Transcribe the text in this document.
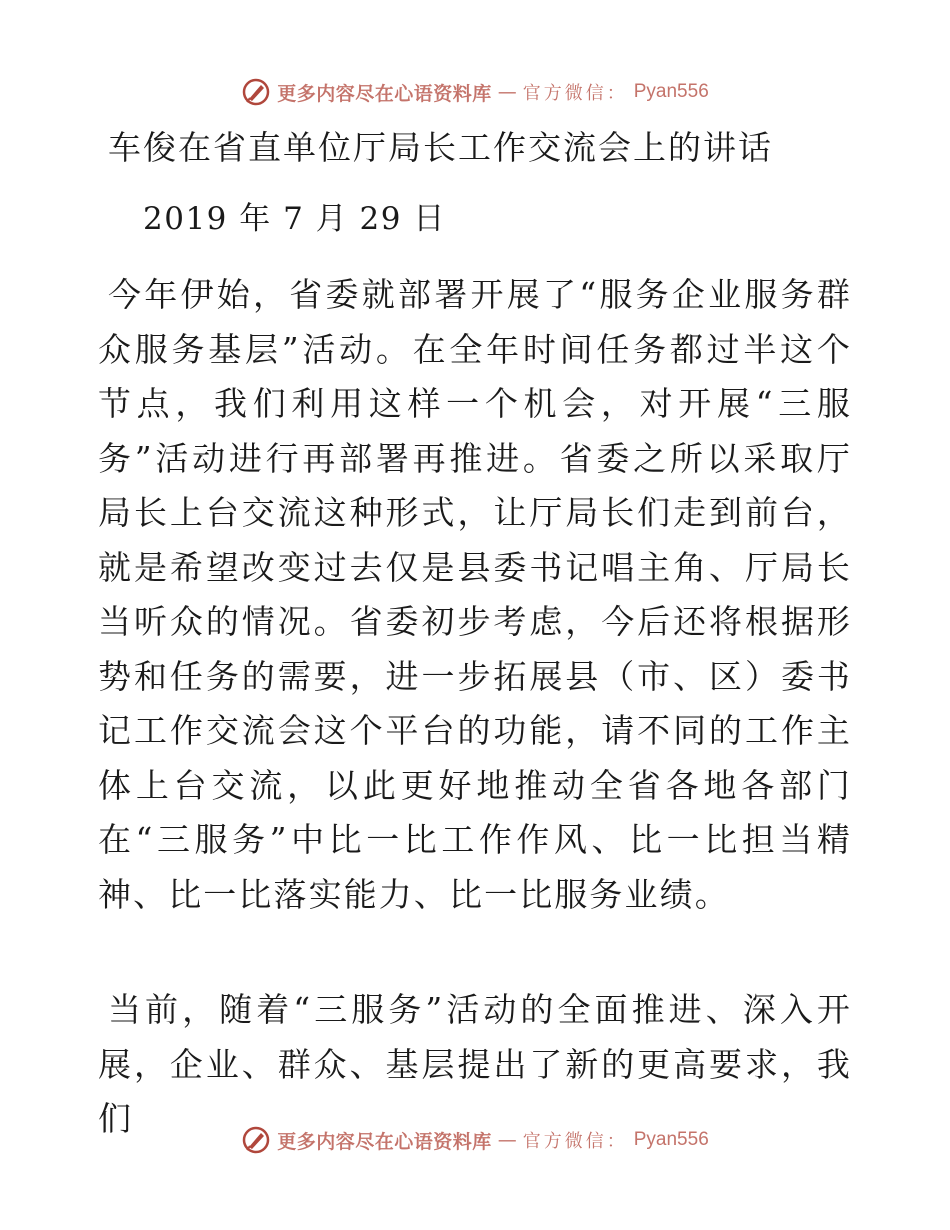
更多内容尽在心语资料库 — 官方微信： Pyan556
车俊在省直单位厅局长工作交流会上的讲话
2019 年 7 月 29 日
今年伊始，省委就部署开展了“服务企业服务群众服务基层”活动。在全年时间任务都过半这个节点，我们利用这样一个机会，对开展“三服务”活动进行再部署再推进。省委之所以采取厅局长上台交流这种形式，让厅局长们走到前台，就是希望改变过去仅是县委书记唱主角、厅局长当听众的情况。省委初步考虑，今后还将根据形势和任务的需要，进一步拓展县（市、区）委书记工作交流会这个平台的功能，请不同的工作主体上台交流，以此更好地推动全省各地各部门在“三服务”中比一比工作作风、比一比担当精神、比一比落实能力、比一比服务业绩。
当前，随着“三服务”活动的全面推进、深入开展，企业、群众、基层提出了新的更高要求，我们
更多内容尽在心语资料库 — 官方微信： Pyan556
